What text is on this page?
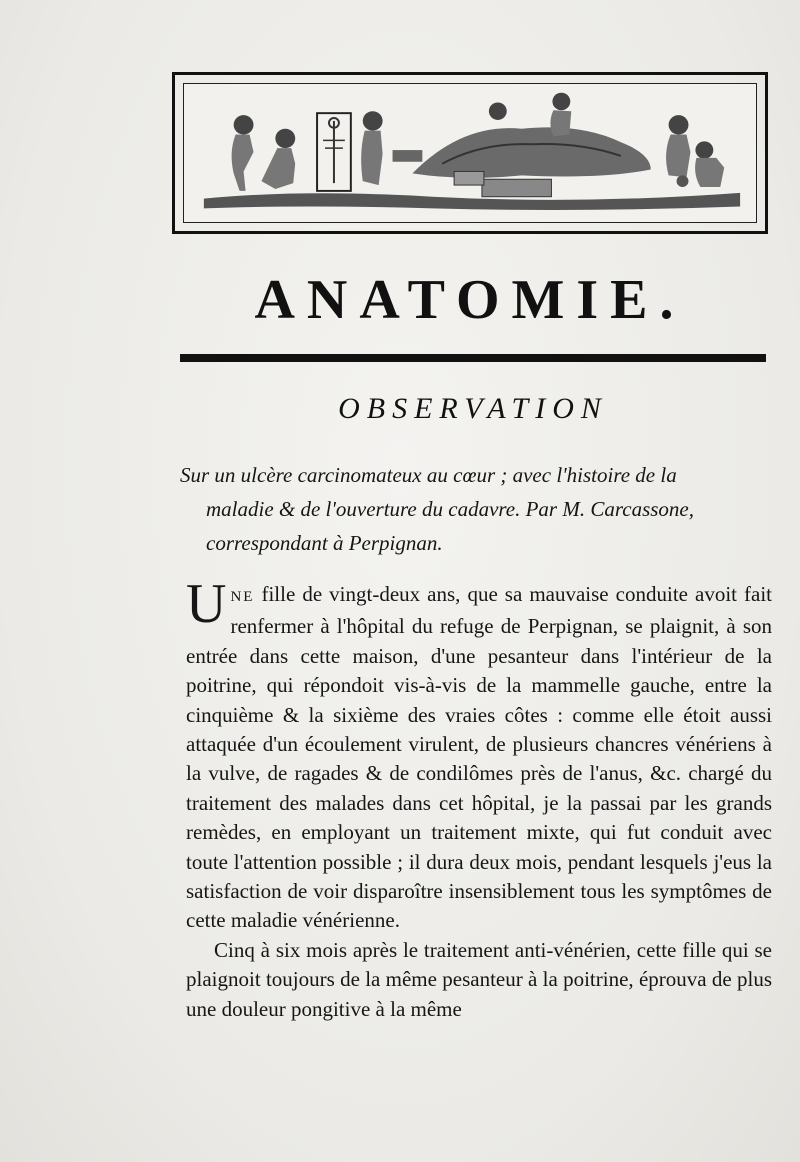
ANATOMIE.
OBSERVATION
Sur un ulcère carcinomateux au cœur ; avec l'histoire de la
maladie & de l'ouverture du cadavre. Par M. Carcassone,
correspondant à Perpignan.

UNE fille de vingt-deux ans, que sa mauvaise conduite avoit fait renfermer à l'hôpital du refuge de Perpignan, se plaignit, à son entrée dans cette maison, d'une pesanteur dans l'intérieur de la poitrine, qui répondoit vis-à-vis de la mammelle gauche, entre la cinquième & la sixième des vraies côtes : comme elle étoit aussi attaquée d'un écoulement virulent, de plusieurs chancres vénériens à la vulve, de ragades & de condilômes près de l'anus, &c. chargé du traitement des malades dans cet hôpital, je la passai par les grands remèdes, en employant un traitement mixte, qui fut conduit avec toute l'attention possible ; il dura deux mois, pendant lesquels j'eus la satisfaction de voir disparoître insensiblement tous les symptômes de cette maladie vénérienne.

Cinq à six mois après le traitement anti-vénérien, cette fille qui se plaignoit toujours de la même pesanteur à la poitrine, éprouva de plus une douleur pongitive à la même
